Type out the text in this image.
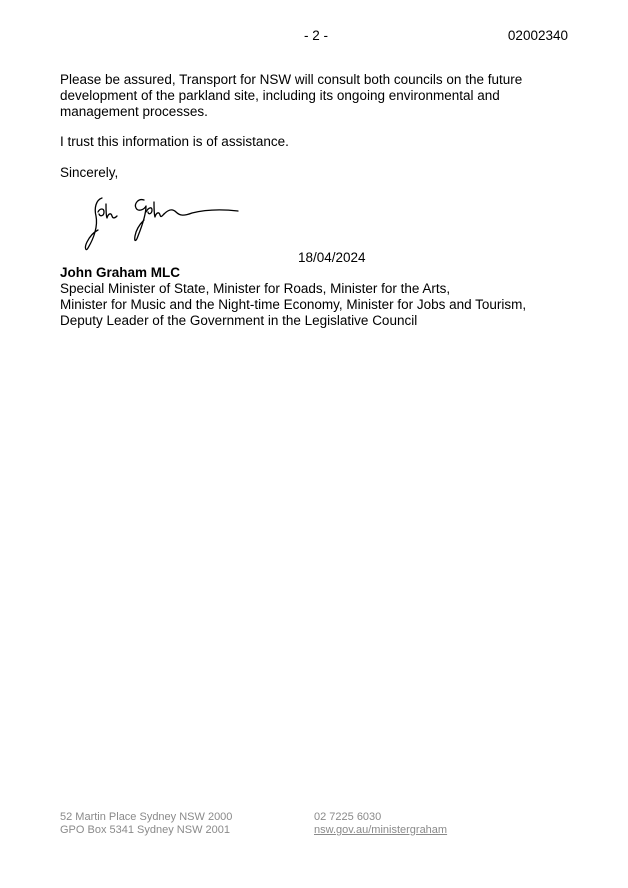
- 2 -	02002340

Please be assured, Transport for NSW will consult both councils on the future development of the parkland site, including its ongoing environmental and management processes.

I trust this information is of assistance.

Sincerely,

18/04/2024
John Graham MLC
Special Minister of State, Minister for Roads, Minister for the Arts,
Minister for Music and the Night-time Economy, Minister for Jobs and Tourism,
Deputy Leader of the Government in the Legislative Council
52 Martin Place Sydney NSW 2000
GPO Box 5341 Sydney NSW 2001
02 7225 6030
nsw.gov.au/ministergraham
